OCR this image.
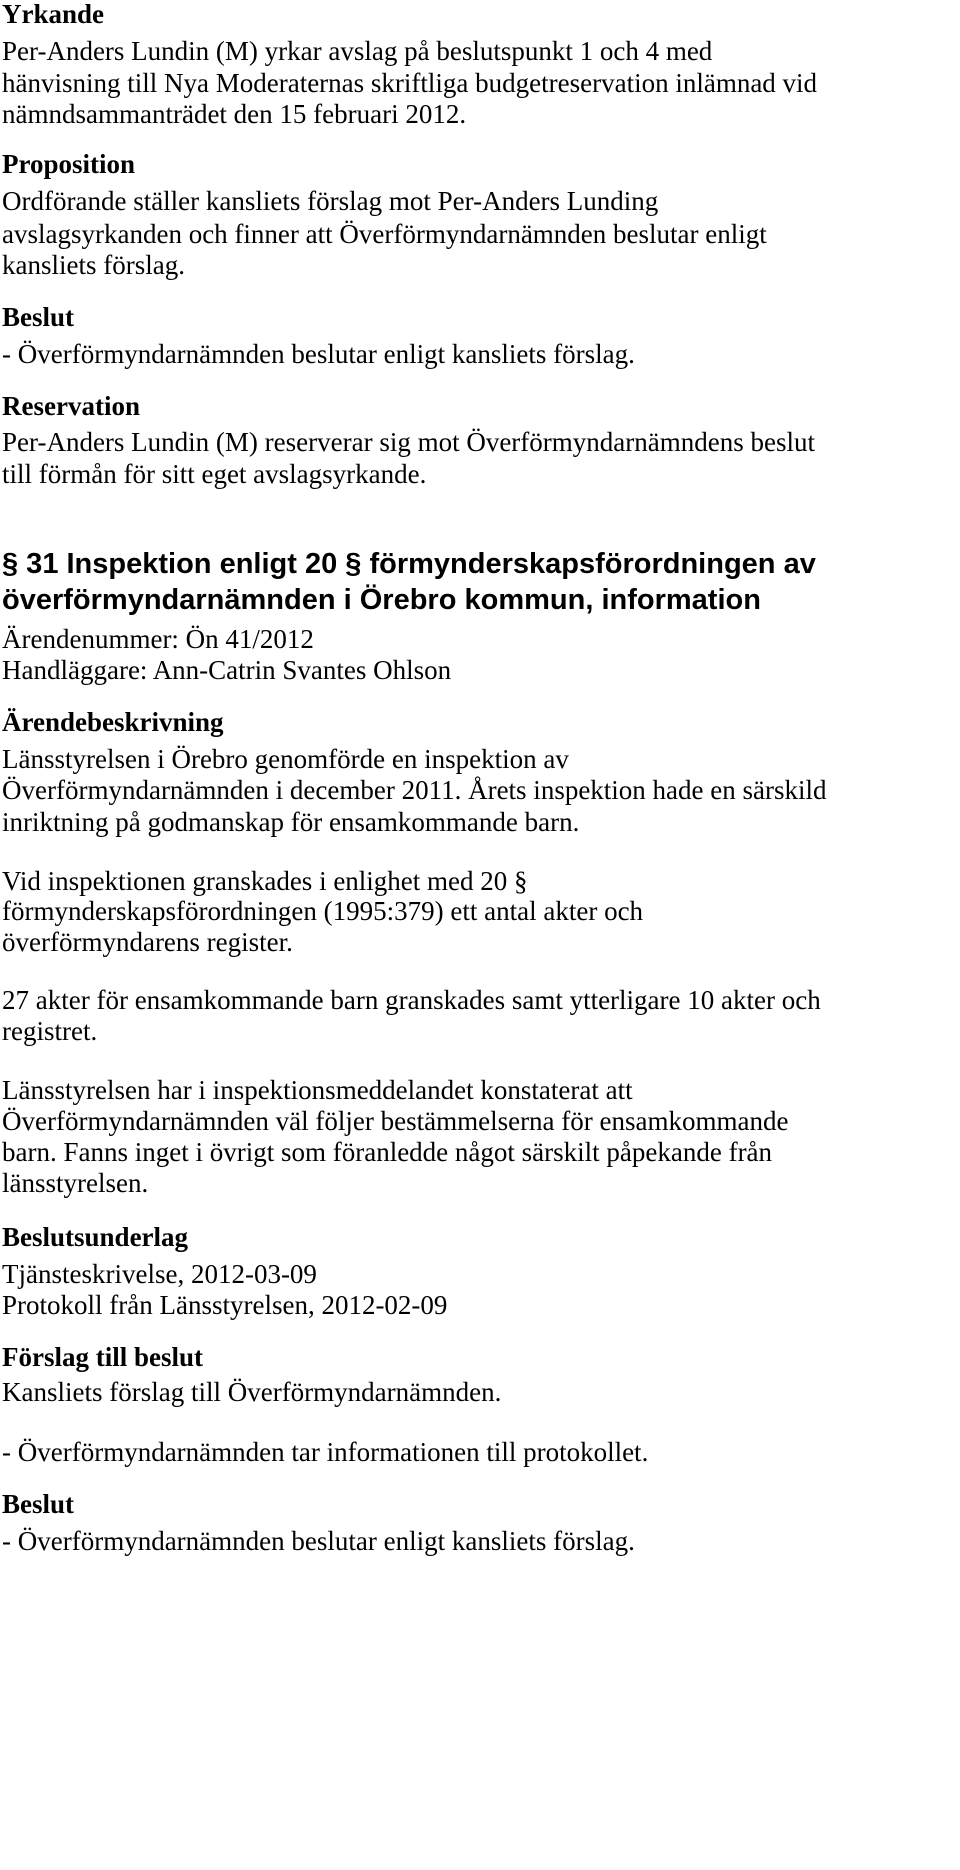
Yrkande
Per-Anders Lundin (M) yrkar avslag på beslutspunkt 1 och 4 med
hänvisning till Nya Moderaternas skriftliga budgetreservation inlämnad vid
nämndsammanträdet den 15 februari 2012.
Proposition
Ordförande ställer kansliets förslag mot Per-Anders Lunding
avslagsyrkanden och finner att Överförmyndarnämnden beslutar enligt
kansliets förslag.
Beslut
- Överförmyndarnämnden beslutar enligt kansliets förslag.
Reservation
Per-Anders Lundin (M) reserverar sig mot Överförmyndarnämndens beslut
till förmån för sitt eget avslagsyrkande.
§ 31 Inspektion enligt 20 § förmynderskapsförordningen av
överförmyndarnämnden i Örebro kommun, information
Ärendenummer: Ön 41/2012
Handläggare: Ann-Catrin Svantes Ohlson
Ärendebeskrivning
Länsstyrelsen i Örebro genomförde en inspektion av
Överförmyndarnämnden i december 2011. Årets inspektion hade en särskild
inriktning på godmanskap för ensamkommande barn.
Vid inspektionen granskades i enlighet med 20 §
förmynderskapsförordningen (1995:379) ett antal akter och
överförmyndarens register.
27 akter för ensamkommande barn granskades samt ytterligare 10 akter och
registret.
Länsstyrelsen har i inspektionsmeddelandet konstaterat att
Överförmyndarnämnden väl följer bestämmelserna för ensamkommande
barn. Fanns inget i övrigt som föranledde något särskilt påpekande från
länsstyrelsen.
Beslutsunderlag
Tjänsteskrivelse, 2012-03-09
Protokoll från Länsstyrelsen, 2012-02-09
Förslag till beslut
Kansliets förslag till Överförmyndarnämnden.
- Överförmyndarnämnden tar informationen till protokollet.
Beslut
- Överförmyndarnämnden beslutar enligt kansliets förslag.
